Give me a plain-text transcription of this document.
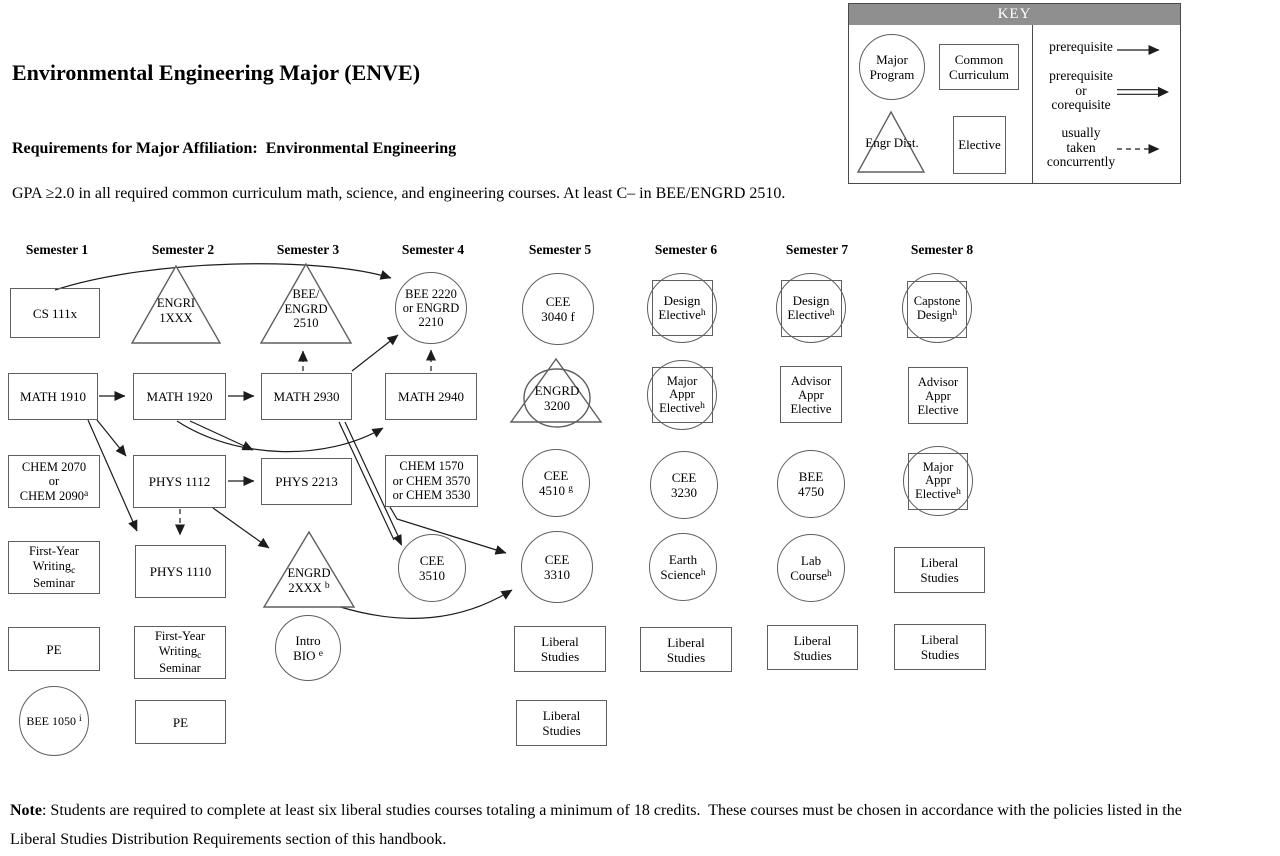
Environmental Engineering Major (ENVE)
Requirements for Major Affiliation:  Environmental Engineering
GPA ≥2.0 in all required common curriculum math, science, and engineering courses. At least C– in BEE/ENGRD 2510.
KEY
Major
Program
Common
Curriculum
Engr Dist.	Elective
prerequisite
prerequisite
or
corequisite
usually
taken
concurrently
Semester 1	Semester 2	Semester 3	Semester 4	Semester 5	Semester 6	Semester 7	Semester 8
CS 111x
MATH 1910
CHEM 2070
or
CHEM 2090$^a$
First-Year
Writing$_c$
Seminar
PE
BEE 1050 $^i$
ENGRI
1XXX
MATH 1920
PHYS 1112
PHYS 1110
First-Year
Writing$_c$
Seminar
PE
BEE/
ENGRD
2510
MATH 2930
PHYS 2213
ENGRD
2XXX $^b$
Intro
BIO $^e$
BEE 2220
or ENGRD
2210
MATH 2940
CHEM 1570
or CHEM 3570
or CHEM 3530
CEE
3510
CEE
3040 f
ENGRD
3200
CEE
4510 $^g$
CEE
3310
Liberal
Studies
Liberal
Studies
Design
Elective$^h$
Major
Appr
Elective$^h$
CEE
3230
Earth
Science$^h$
Liberal
Studies
Design
Elective$^h$
Advisor
Appr
Elective
BEE
4750
Lab
Course$^h$
Liberal
Studies
Capstone
Design$^h$
Advisor
Appr
Elective
Major
Appr
Elective$^h$
Liberal
Studies
Liberal
Studies
Note: Students are required to complete at least six liberal studies courses totaling a minimum of 18 credits.  These courses must be chosen in accordance with the policies listed in the
Liberal Studies Distribution Requirements section of this handbook.
